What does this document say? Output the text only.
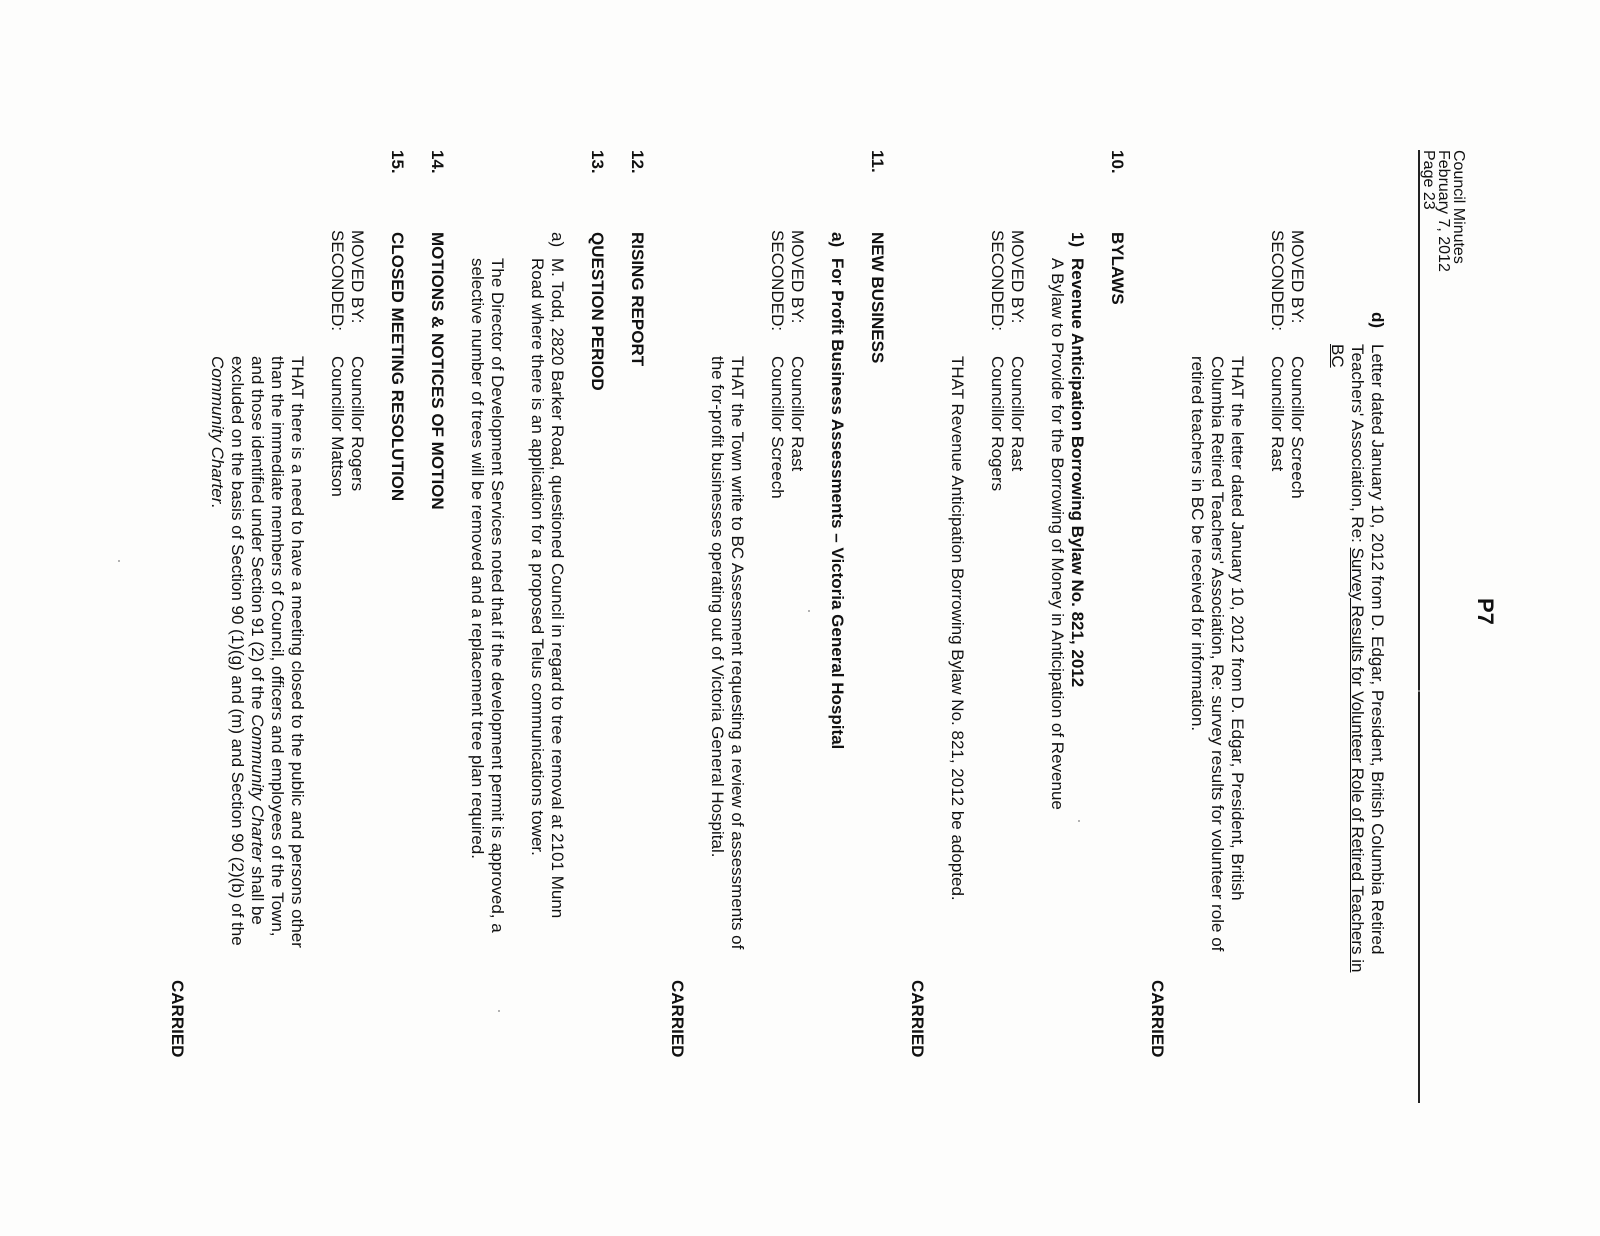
Council Minutes
February 7, 2012
Page 23
P7
d)
Letter dated January 10, 2012 from D. Edgar, President, British Columbia Retired
Teachers' Association, Re: Survey Results for Volunteer Role of Retired Teachers in
BC
MOVED BY:
Councillor Screech
SECONDED:
Councillor Rast
THAT the letter dated January 10, 2012 from D. Edgar, President, British
Columbia Retired Teachers' Association, Re: survey results for volunteer role of
retired teachers in BC be received for information.
CARRIED
10.
BYLAWS
1)
Revenue Anticipation Borrowing Bylaw No. 821, 2012
A Bylaw to Provide for the Borrowing of Money in Anticipation of Revenue
MOVED BY:
Councillor Rast
SECONDED:
Councillor Rogers
THAT Revenue Anticipation Borrowing Bylaw No. 821, 2012 be adopted.
CARRIED
11.
NEW BUSINESS
a)
For Profit Business Assessments – Victoria General Hospital
MOVED BY:
Councillor Rast
SECONDED:
Councillor Screech
THAT the Town write to BC Assessment requesting a review of assessments of
the for-profit businesses operating out of Victoria General Hospital.
CARRIED
12.
RISING REPORT
13.
QUESTION PERIOD
a)
M. Todd, 2820 Barker Road, questioned Council in regard to tree removal at 2101 Munn
Road where there is an application for a proposed Telus communications tower.
The Director of Development Services noted that if the development permit is approved, a
selective number of trees will be removed and a replacement tree plan required.
14.
MOTIONS & NOTICES OF MOTION
15.
CLOSED MEETING RESOLUTION
MOVED BY:
Councillor Rogers
SECONDED:
Councillor Mattson
THAT there is a need to have a meeting closed to the public and persons other
than the immediate members of Council, officers and employees of the Town,
and those identified under Section 91 (2) of the Community Charter shall be
excluded on the basis of Section 90 (1)(g) and (m) and Section 90 (2)(b) of the
Community Charter.
CARRIED
